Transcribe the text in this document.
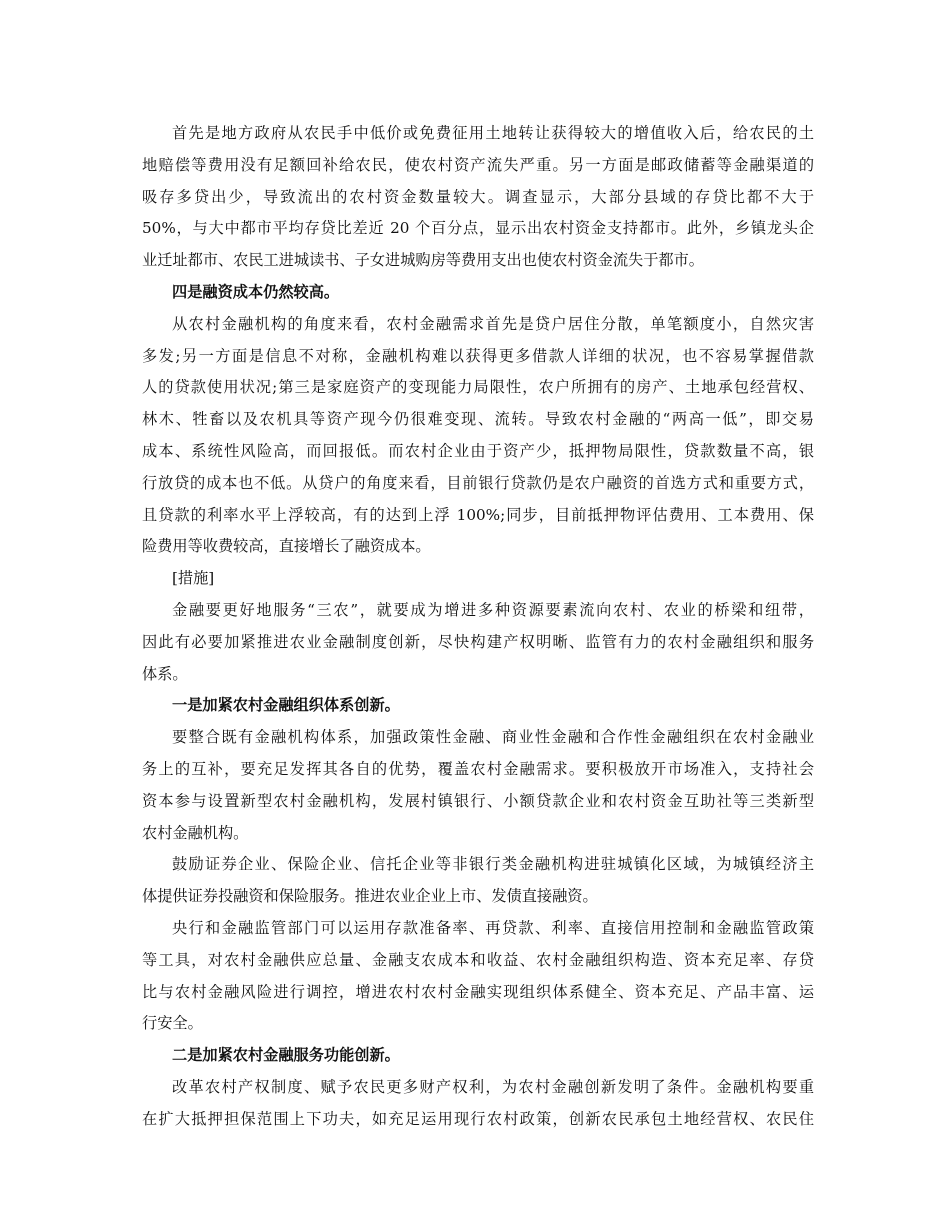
首先是地方政府从农民手中低价或免费征用土地转让获得较大的增值收入后，给农民的土
地赔偿等费用没有足额回补给农民，使农村资产流失严重。另一方面是邮政储蓄等金融渠道的
吸存多贷出少，导致流出的农村资金数量较大。调查显示，大部分县域的存贷比都不大于
50%，与大中都市平均存贷比差近 20 个百分点，显示出农村资金支持都市。此外，乡镇龙头企
业迁址都市、农民工进城读书、子女进城购房等费用支出也使农村资金流失于都市。
四是融资成本仍然较高。
从农村金融机构的角度来看，农村金融需求首先是贷户居住分散，单笔额度小，自然灾害
多发;另一方面是信息不对称，金融机构难以获得更多借款人详细的状况，也不容易掌握借款
人的贷款使用状况;第三是家庭资产的变现能力局限性，农户所拥有的房产、土地承包经营权、
林木、牲畜以及农机具等资产现今仍很难变现、流转。导致农村金融的“两高一低”，即交易
成本、系统性风险高，而回报低。而农村企业由于资产少，抵押物局限性，贷款数量不高，银
行放贷的成本也不低。从贷户的角度来看，目前银行贷款仍是农户融资的首选方式和重要方式，
且贷款的利率水平上浮较高，有的达到上浮 100%;同步，目前抵押物评估费用、工本费用、保
险费用等收费较高，直接增长了融资成本。
[措施]
金融要更好地服务“三农”，就要成为增进多种资源要素流向农村、农业的桥梁和纽带，
因此有必要加紧推进农业金融制度创新，尽快构建产权明晰、监管有力的农村金融组织和服务
体系。
一是加紧农村金融组织体系创新。
要整合既有金融机构体系，加强政策性金融、商业性金融和合作性金融组织在农村金融业
务上的互补，要充足发挥其各自的优势，覆盖农村金融需求。要积极放开市场准入，支持社会
资本参与设置新型农村金融机构，发展村镇银行、小额贷款企业和农村资金互助社等三类新型
农村金融机构。
鼓励证券企业、保险企业、信托企业等非银行类金融机构进驻城镇化区域，为城镇经济主
体提供证券投融资和保险服务。推进农业企业上市、发债直接融资。
央行和金融监管部门可以运用存款准备率、再贷款、利率、直接信用控制和金融监管政策
等工具，对农村金融供应总量、金融支农成本和收益、农村金融组织构造、资本充足率、存贷
比与农村金融风险进行调控，增进农村农村金融实现组织体系健全、资本充足、产品丰富、运
行安全。
二是加紧农村金融服务功能创新。
改革农村产权制度、赋予农民更多财产权利，为农村金融创新发明了条件。金融机构要重
在扩大抵押担保范围上下功夫，如充足运用现行农村政策，创新农民承包土地经营权、农民住
